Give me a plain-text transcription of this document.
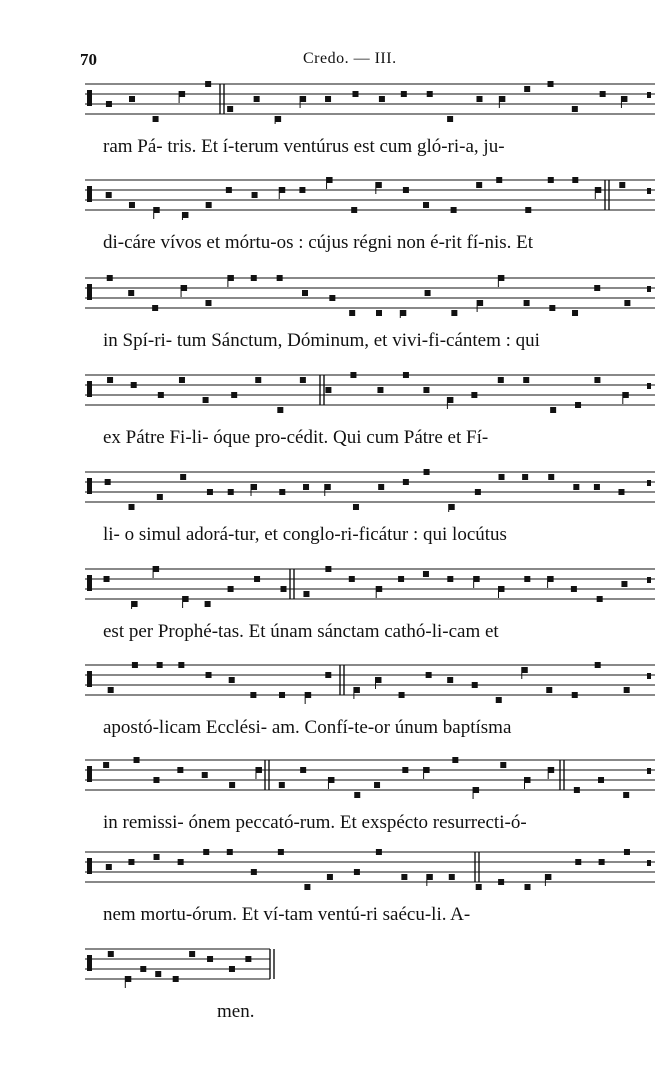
70	Credo. — III.
ram Pá- tris. Et í-terum ventúrus est cum gló-ri-a, ju-
di-cáre vívos et mórtu-os : cújus régni non é-rit fí-nis. Et
in Spí-ri- tum Sánctum, Dóminum, et vivi-fi-cántem : qui
ex Pátre Fi-li- óque pro-cédit. Qui cum Pátre et Fí-
li- o simul adorá-tur, et conglo-ri-ficátur : qui locútus
est per Prophé-tas. Et únam sánctam cathó-li-cam et
apostó-licam Ecclési- am. Confí-te-or únum baptísma
in remissi- ónem peccató-rum. Et exspécto resurrecti-ó-
nem mortu-órum. Et ví-tam ventú-ri saécu-li. A-
men.
